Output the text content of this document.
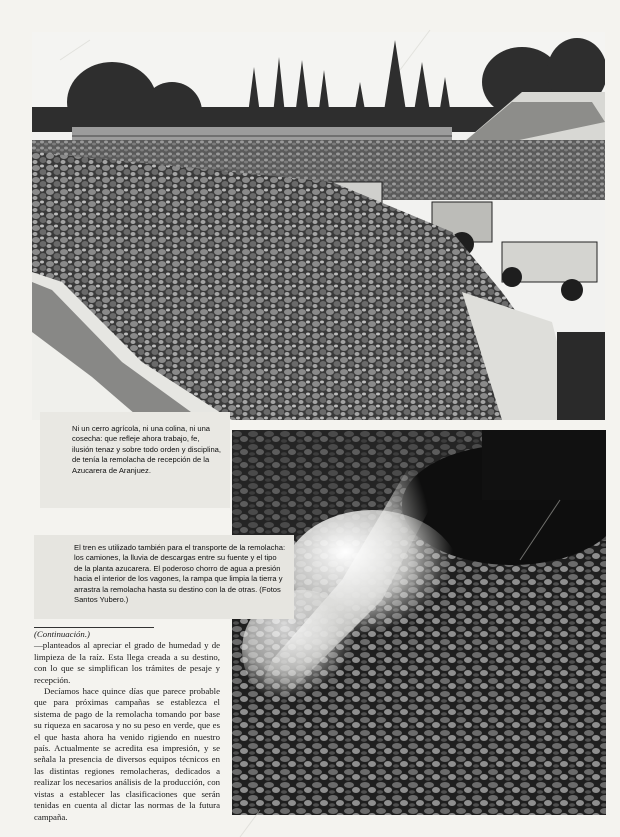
Ni un cerro agrícola, ni una colina, ni una cosecha: que refleje ahora trabajo, fe, ilusión tenaz y sobre todo orden y disciplina, de tenía la remolacha de recepción de la Azucarera de Aranjuez.

El tren es utilizado también para el transporte de la remolacha: los camiones, la lluvia de descargas entre su fuente y el tipo de la planta azucarera. El poderoso chorro de agua a presión hacia el interior de los vagones, la rampa que limpia la tierra y arrastra la remolacha hasta su destino con la de otras. (Fotos Santos Yubero.)

(Continuación.)

—planteados al apreciar el grado de humedad y de limpieza de la raíz. Esta llega creada a su destino, con lo que se simplifican los trámites de pesaje y recepción.

Decíamos hace quince días que parece probable que para próximas campañas se establezca el sistema de pago de la remolacha tomando por base su riqueza en sacarosa y no su peso en verde, que es el que hasta ahora ha venido rigiendo en nuestro país. Actualmente se acredita esa impresión, y se señala la presencia de diversos equipos técnicos en las distintas regiones remolacheras, dedicados a realizar los necesarios análisis de la producción, con vistas a establecer las clasificaciones que serán tenidas en cuenta al dictar las normas de la futura campaña.
